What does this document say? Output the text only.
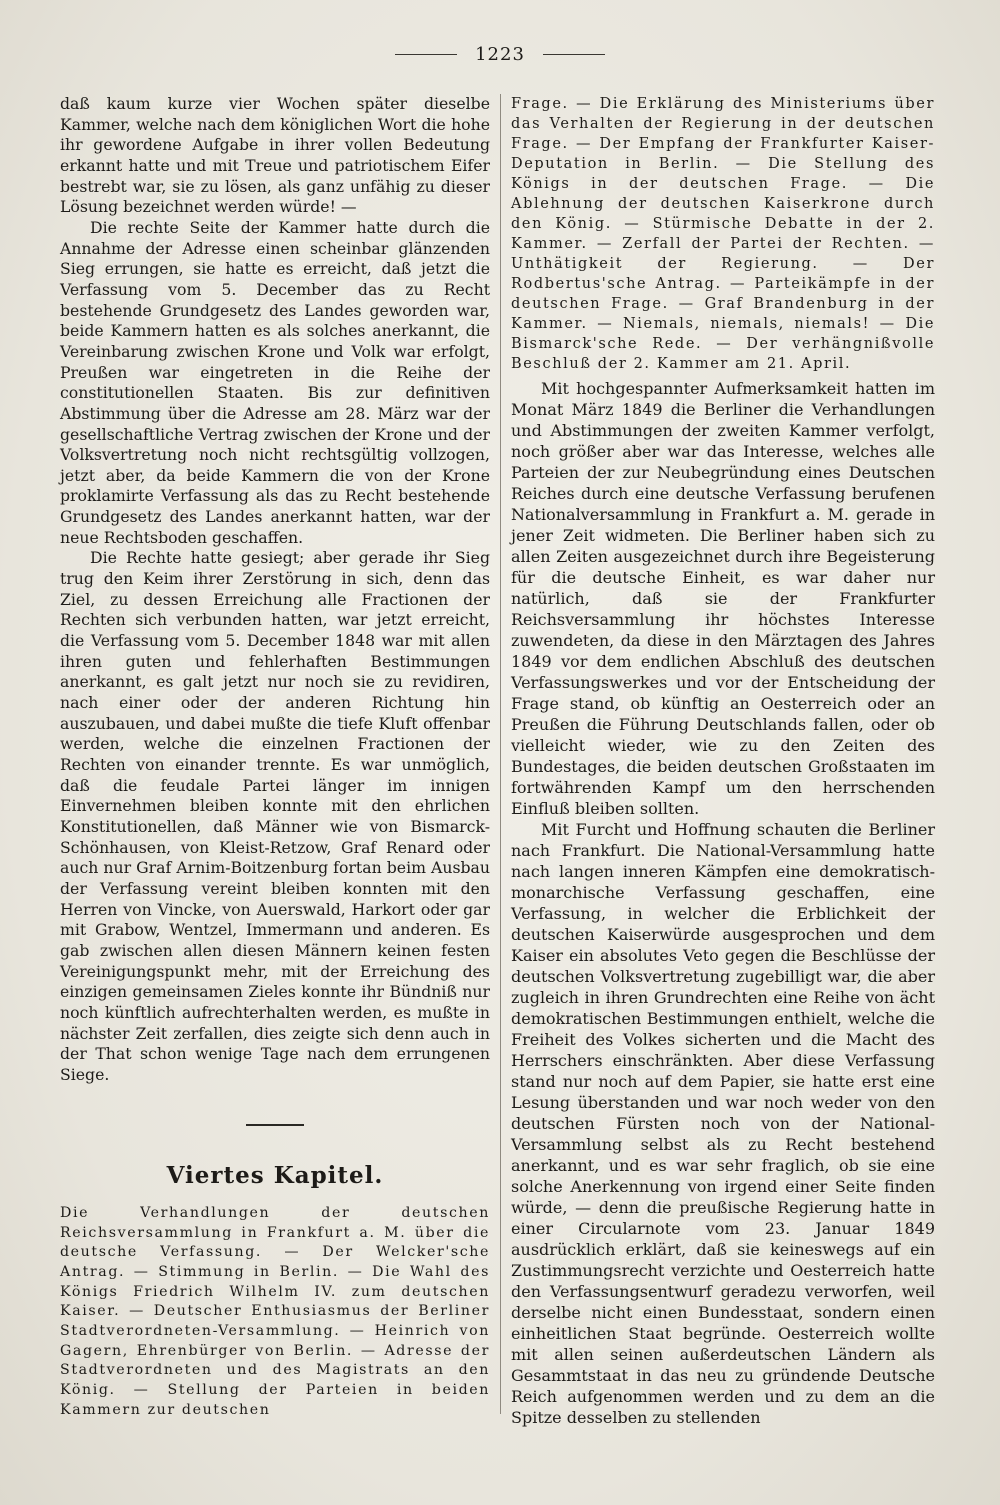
1223

daß kaum kurze vier Wochen später dieselbe Kammer, welche nach dem königlichen Wort die hohe ihr gewordene Aufgabe in ihrer vollen Bedeutung erkannt hatte und mit Treue und patriotischem Eifer bestrebt war, sie zu lösen, als ganz unfähig zu dieser Lösung bezeichnet werden würde! —

Die rechte Seite der Kammer hatte durch die Annahme der Adresse einen scheinbar glänzenden Sieg errungen, sie hatte es erreicht, daß jetzt die Verfassung vom 5. December das zu Recht bestehende Grundgesetz des Landes geworden war, beide Kammern hatten es als solches anerkannt, die Vereinbarung zwischen Krone und Volk war erfolgt, Preußen war eingetreten in die Reihe der constitutionellen Staaten. Bis zur definitiven Abstimmung über die Adresse am 28. März war der gesellschaftliche Vertrag zwischen der Krone und der Volksvertretung noch nicht rechtsgültig vollzogen, jetzt aber, da beide Kammern die von der Krone proklamirte Verfassung als das zu Recht bestehende Grundgesetz des Landes anerkannt hatten, war der neue Rechtsboden geschaffen.

Die Rechte hatte gesiegt; aber gerade ihr Sieg trug den Keim ihrer Zerstörung in sich, denn das Ziel, zu dessen Erreichung alle Fractionen der Rechten sich verbunden hatten, war jetzt erreicht, die Verfassung vom 5. December 1848 war mit allen ihren guten und fehlerhaften Bestimmungen anerkannt, es galt jetzt nur noch sie zu revidiren, nach einer oder der anderen Richtung hin auszubauen, und dabei mußte die tiefe Kluft offenbar werden, welche die einzelnen Fractionen der Rechten von einander trennte. Es war unmöglich, daß die feudale Partei länger im innigen Einvernehmen bleiben konnte mit den ehrlichen Konstitutionellen, daß Männer wie von Bismarck-Schönhausen, von Kleist-Retzow, Graf Renard oder auch nur Graf Arnim-Boitzenburg fortan beim Ausbau der Verfassung vereint bleiben konnten mit den Herren von Vincke, von Auerswald, Harkort oder gar mit Grabow, Wentzel, Immermann und anderen. Es gab zwischen allen diesen Männern keinen festen Vereinigungspunkt mehr, mit der Erreichung des einzigen gemeinsamen Zieles konnte ihr Bündniß nur noch künftlich aufrechterhalten werden, es mußte in nächster Zeit zerfallen, dies zeigte sich denn auch in der That schon wenige Tage nach dem errungenen Siege.

Viertes Kapitel.

Die Verhandlungen der deutschen Reichsversammlung in Frankfurt a. M. über die deutsche Verfassung. — Der Welcker'sche Antrag. — Stimmung in Berlin. — Die Wahl des Königs Friedrich Wilhelm IV. zum deutschen Kaiser. — Deutscher Enthusiasmus der Berliner Stadtverordneten-Versammlung. — Heinrich von Gagern, Ehrenbürger von Berlin. — Adresse der Stadtverordneten und des Magistrats an den König. — Stellung der Parteien in beiden Kammern zur deutschen

Frage. — Die Erklärung des Ministeriums über das Verhalten der Regierung in der deutschen Frage. — Der Empfang der Frankfurter Kaiser-Deputation in Berlin. — Die Stellung des Königs in der deutschen Frage. — Die Ablehnung der deutschen Kaiserkrone durch den König. — Stürmische Debatte in der 2. Kammer. — Zerfall der Partei der Rechten. — Unthätigkeit der Regierung. — Der Rodbertus'sche Antrag. — Parteikämpfe in der deutschen Frage. — Graf Brandenburg in der Kammer. — Niemals, niemals, niemals! — Die Bismarck'sche Rede. — Der verhängnißvolle Beschluß der 2. Kammer am 21. April.

Mit hochgespannter Aufmerksamkeit hatten im Monat März 1849 die Berliner die Verhandlungen und Abstimmungen der zweiten Kammer verfolgt, noch größer aber war das Interesse, welches alle Parteien der zur Neubegründung eines Deutschen Reiches durch eine deutsche Verfassung berufenen Nationalversammlung in Frankfurt a. M. gerade in jener Zeit widmeten. Die Berliner haben sich zu allen Zeiten ausgezeichnet durch ihre Begeisterung für die deutsche Einheit, es war daher nur natürlich, daß sie der Frankfurter Reichsversammlung ihr höchstes Interesse zuwendeten, da diese in den Märztagen des Jahres 1849 vor dem endlichen Abschluß des deutschen Verfassungswerkes und vor der Entscheidung der Frage stand, ob künftig an Oesterreich oder an Preußen die Führung Deutschlands fallen, oder ob vielleicht wieder, wie zu den Zeiten des Bundestages, die beiden deutschen Großstaaten im fortwährenden Kampf um den herrschenden Einfluß bleiben sollten.

Mit Furcht und Hoffnung schauten die Berliner nach Frankfurt. Die National-Versammlung hatte nach langen inneren Kämpfen eine demokratisch-monarchische Verfassung geschaffen, eine Verfassung, in welcher die Erblichkeit der deutschen Kaiserwürde ausgesprochen und dem Kaiser ein absolutes Veto gegen die Beschlüsse der deutschen Volksvertretung zugebilligt war, die aber zugleich in ihren Grundrechten eine Reihe von ächt demokratischen Bestimmungen enthielt, welche die Freiheit des Volkes sicherten und die Macht des Herrschers einschränkten. Aber diese Verfassung stand nur noch auf dem Papier, sie hatte erst eine Lesung überstanden und war noch weder von den deutschen Fürsten noch von der National-Versammlung selbst als zu Recht bestehend anerkannt, und es war sehr fraglich, ob sie eine solche Anerkennung von irgend einer Seite finden würde, — denn die preußische Regierung hatte in einer Circularnote vom 23. Januar 1849 ausdrücklich erklärt, daß sie keineswegs auf ein Zustimmungsrecht verzichte und Oesterreich hatte den Verfassungsentwurf geradezu verworfen, weil derselbe nicht einen Bundesstaat, sondern einen einheitlichen Staat begründe. Oesterreich wollte mit allen seinen außerdeutschen Ländern als Gesammtstaat in das neu zu gründende Deutsche Reich aufgenommen werden und zu dem an die Spitze desselben zu stellenden
